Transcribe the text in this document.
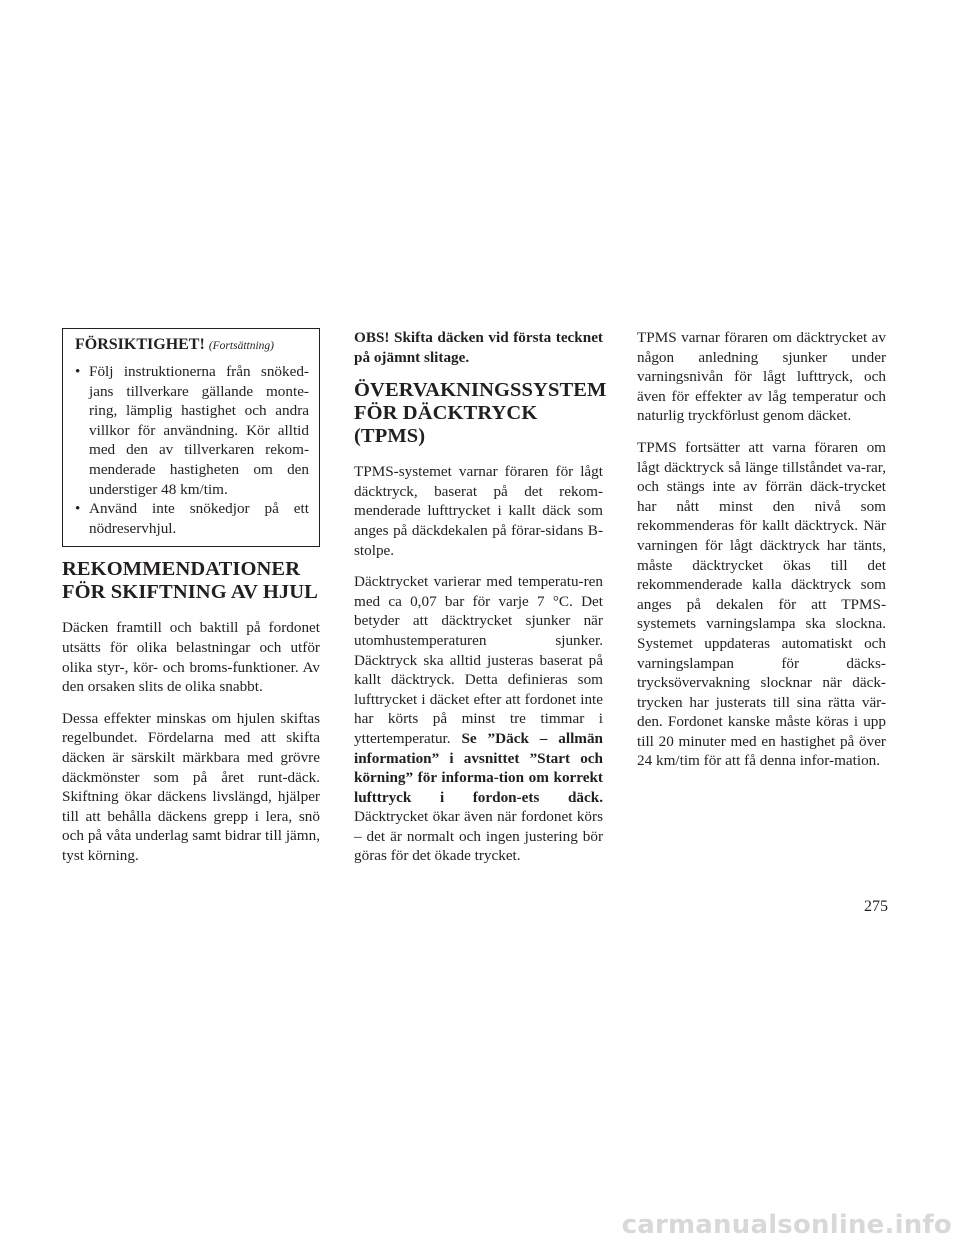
FÖRSIKTIGHET! (Fortsättning)
• Följ instruktionerna från snöked-jans tillverkare gällande monte-ring, lämplig hastighet och andra villkor för användning. Kör alltid med den av tillverkaren rekom-menderade hastigheten om den understiger 48 km/tim.
• Använd inte snökedjor på ett nödreservhjul.
REKOMMENDATIONER FÖR SKIFTNING AV HJUL

Däcken framtill och baktill på fordonet utsätts för olika belastningar och utför olika styr-, kör- och broms-funktioner. Av den orsaken slits de olika snabbt.

Dessa effekter minskas om hjulen skiftas regelbundet. Fördelarna med att skifta däcken är särskilt märkbara med grövre däckmönster som på året runt-däck. Skiftning ökar däckens livslängd, hjälper till att behålla däckens grepp i lera, snö och på våta underlag samt bidrar till jämn, tyst körning.

OBS! Skifta däcken vid första tecknet på ojämnt slitage.

ÖVERVAKNINGSSYSTEM FÖR DÄCKTRYCK (TPMS)

TPMS-systemet varnar föraren för lågt däcktryck, baserat på det rekom-menderade lufttrycket i kallt däck som anges på däckdekalen på förar-sidans B-stolpe.

Däcktrycket varierar med temperatu-ren med ca 0,07 bar för varje 7 °C. Det betyder att däcktrycket sjunker när utomhustemperaturen sjunker. Däcktryck ska alltid justeras baserat på kallt däcktryck. Detta definieras som lufttrycket i däcket efter att fordonet inte har körts på minst tre timmar i yttertemperatur. Se ”Däck – allmän information” i avsnittet ”Start och körning” för informa-tion om korrekt lufttryck i fordon-ets däck. Däcktrycket ökar även när fordonet körs – det är normalt och ingen justering bör göras för det ökade trycket.

TPMS varnar föraren om däcktrycket av någon anledning sjunker under varningsnivån för lågt lufttryck, och även för effekter av låg temperatur och naturlig tryckförlust genom däcket.

TPMS fortsätter att varna föraren om lågt däcktryck så länge tillståndet va-rar, och stängs inte av förrän däck-trycket har nått minst den nivå som rekommenderas för kallt däcktryck. När varningen för lågt däcktryck har tänts, måste däcktrycket ökas till det rekommenderade kalla däcktryck som anges på dekalen för att TPMS-systemets varningslampa ska slockna. Systemet uppdateras automatiskt och varningslampan för däcks-trycksövervakning slocknar när däck-trycken har justerats till sina rätta vär-den. Fordonet kanske måste köras i upp till 20 minuter med en hastighet på över 24 km/tim för att få denna infor-mation.

275
carmanualsonline.info
